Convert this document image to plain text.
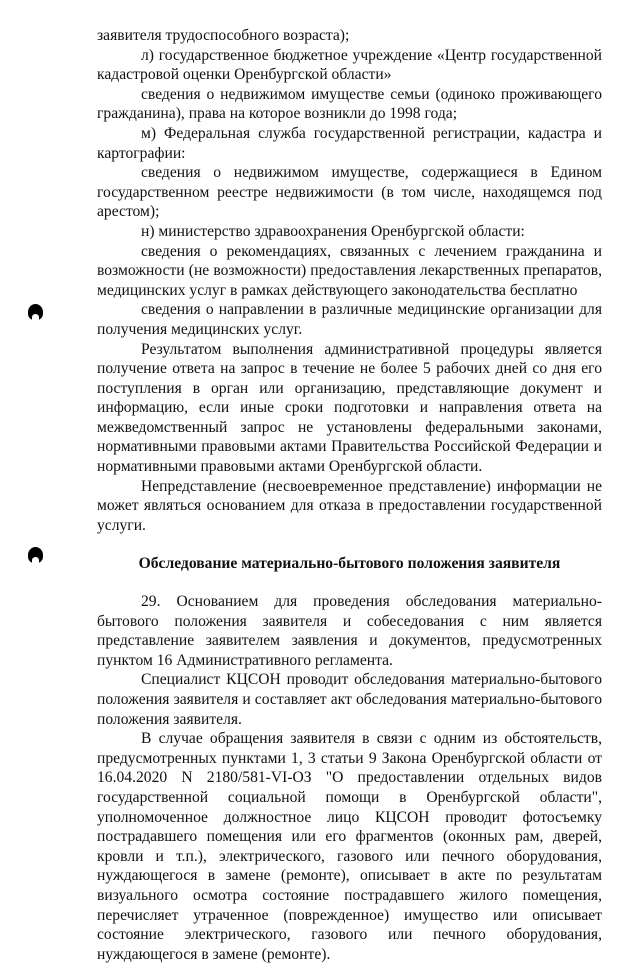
заявителя трудоспособного возраста);

л) государственное бюджетное учреждение «Центр государственной кадастровой оценки Оренбургской области»

сведения о недвижимом имуществе семьи (одиноко проживающего гражданина), права на которое возникли до 1998 года;

м) Федеральная служба государственной регистрации, кадастра и картографии:

сведения о недвижимом имуществе, содержащиеся в Едином государственном реестре недвижимости (в том числе, находящемся под арестом);

н) министерство здравоохранения Оренбургской области:

сведения о рекомендациях, связанных с лечением гражданина и возможности (не возможности) предоставления лекарственных препаратов, медицинских услуг в рамках действующего законодательства бесплатно

сведения о направлении в различные медицинские организации для получения медицинских услуг.

Результатом выполнения административной процедуры является получение ответа на запрос в течение не более 5 рабочих дней со дня его поступления в орган или организацию, представляющие документ и информацию, если иные сроки подготовки и направления ответа на межведомственный запрос не установлены федеральными законами, нормативными правовыми актами Правительства Российской Федерации и нормативными правовыми актами Оренбургской области.

Непредставление (несвоевременное представление) информации не может являться основанием для отказа в предоставлении государственной услуги.

Обследование материально-бытового положения заявителя

29. Основанием для проведения обследования материально-бытового положения заявителя и собеседования с ним является представление заявителем заявления и документов, предусмотренных пунктом 16 Административного регламента.

Специалист КЦСОН проводит обследования материально-бытового положения заявителя и составляет акт обследования материально-бытового положения заявителя.

В случае обращения заявителя в связи с одним из обстоятельств, предусмотренных пунктами 1, 3 статьи 9 Закона Оренбургской области от 16.04.2020 N 2180/581-VI-ОЗ "О предоставлении отдельных видов государственной социальной помощи в Оренбургской области", уполномоченное должностное лицо КЦСОН проводит фотосъемку пострадавшего помещения или его фрагментов (оконных рам, дверей, кровли и т.п.), электрического, газового или печного оборудования, нуждающегося в замене (ремонте), описывает в акте по результатам визуального осмотра состояние пострадавшего жилого помещения, перечисляет утраченное (поврежденное) имущество или описывает состояние электрического, газового или печного оборудования, нуждающегося в замене (ремонте).
